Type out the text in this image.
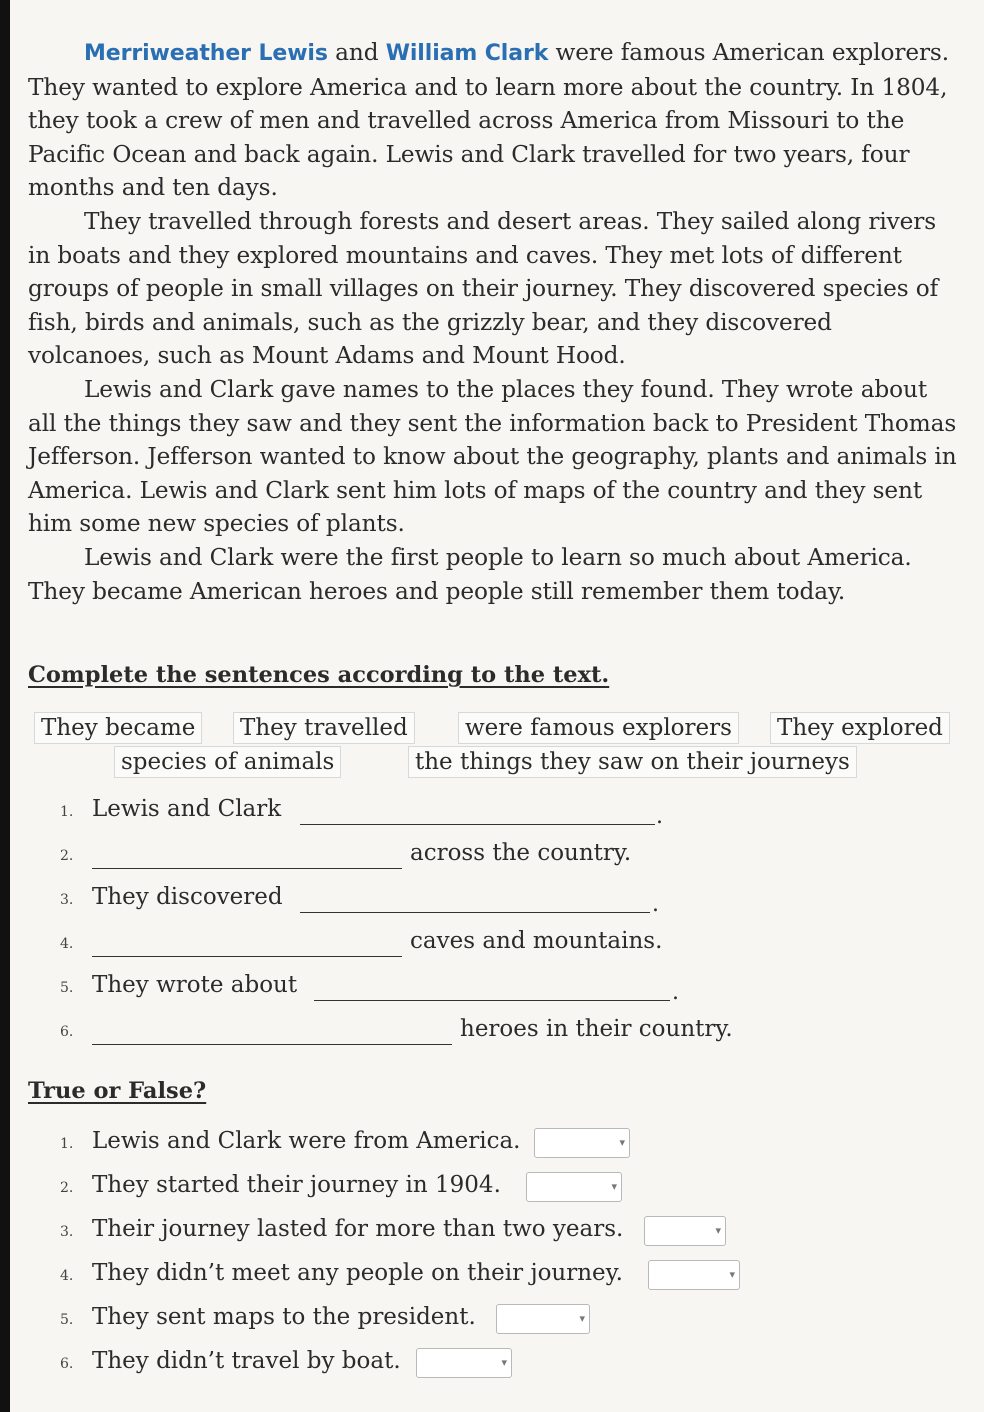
Merriweather Lewis and William Clark were famous American explorers. They wanted to explore America and to learn more about the country. In 1804, they took a crew of men and travelled across America from Missouri to the Pacific Ocean and back again. Lewis and Clark travelled for two years, four months and ten days.

They travelled through forests and desert areas. They sailed along rivers in boats and they explored mountains and caves. They met lots of different groups of people in small villages on their journey. They discovered species of fish, birds and animals, such as the grizzly bear, and they discovered volcanoes, such as Mount Adams and Mount Hood.

Lewis and Clark gave names to the places they found. They wrote about all the things they saw and they sent the information back to President Thomas Jefferson. Jefferson wanted to know about the geography, plants and animals in America. Lewis and Clark sent him lots of maps of the country and they sent him some new species of plants.

Lewis and Clark were the first people to learn so much about America. They became American heroes and people still remember them today.

Complete the sentences according to the text.
They became	They travelled	were famous explorers	They explored
species of animals	the things they saw on their journeys
1. Lewis and Clark	.
2.	across the country.
3. They discovered	.
4.	caves and mountains.
5. They wrote about	.
6.	heroes in their country.
True or False?
1. Lewis and Clark were from America.	▾
2. They started their journey in 1904.	▾
3. Their journey lasted for more than two years.	▾
4. They didn’t meet any people on their journey.	▾
5. They sent maps to the president.	▾
6. They didn’t travel by boat.	▾
